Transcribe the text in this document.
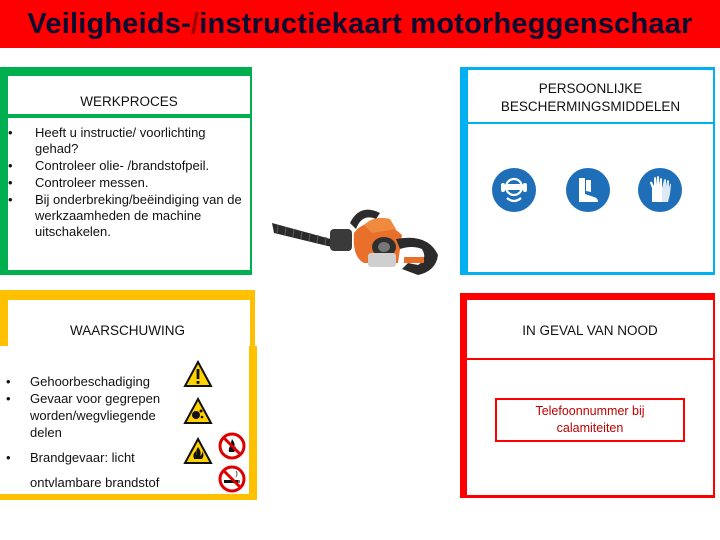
Veiligheids-/instructiekaart motorheggenschaar
WERKPROCES
• Heeft u instructie/ voorlichting gehad?
• Controleer olie- /brandstofpeil.
• Controleer messen.
• Bij onderbreking/beëindiging van de werkzaamheden de machine uitschakelen.
PERSOONLIJKE
BESCHERMINGSMIDDELEN
WAARSCHUWING
• Gehoorbeschadiging
• Gevaar voor gegrepen worden/wegvliegende delen
• Brandgevaar: licht ontvlambare brandstof
IN GEVAL VAN NOOD
Telefoonnummer bij
calamiteiten
